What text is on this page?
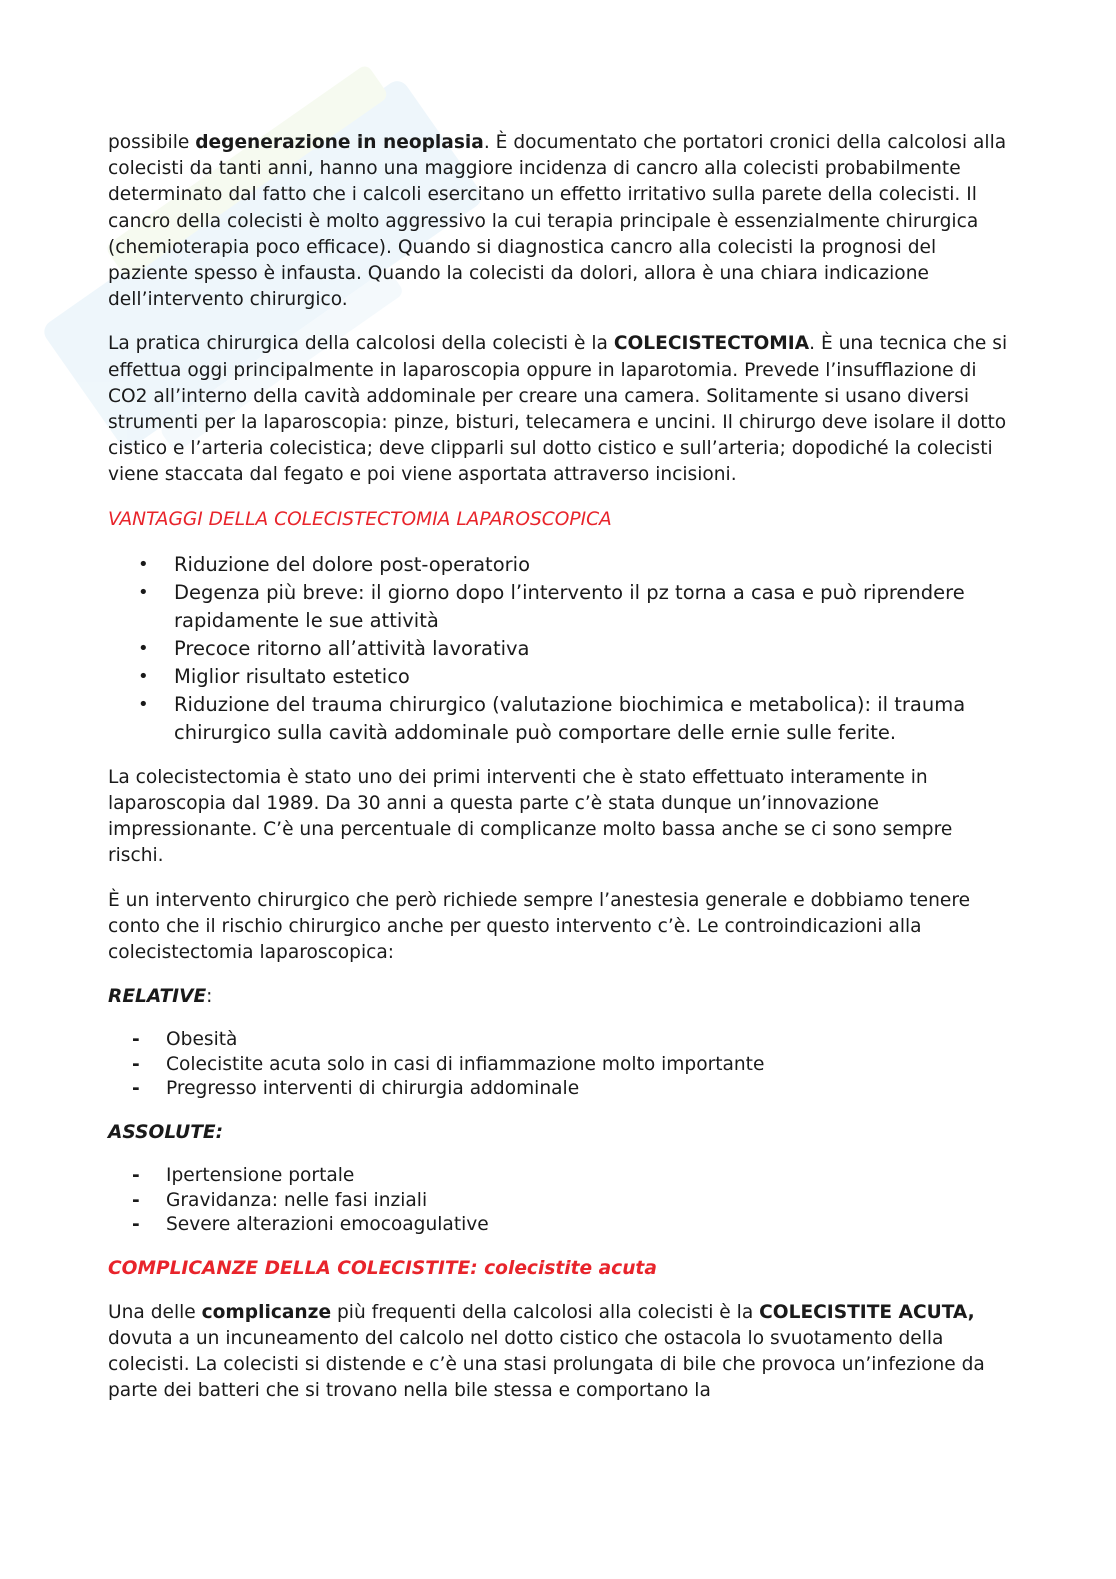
possibile degenerazione in neoplasia. È documentato che portatori cronici della calcolosi alla colecisti da tanti anni, hanno una maggiore incidenza di cancro alla colecisti probabilmente determinato dal fatto che i calcoli esercitano un effetto irritativo sulla parete della colecisti. Il cancro della colecisti è molto aggressivo la cui terapia principale è essenzialmente chirurgica (chemioterapia poco efficace). Quando si diagnostica cancro alla colecisti la prognosi del paziente spesso è infausta. Quando la colecisti da dolori, allora è una chiara indicazione dell’intervento chirurgico.

La pratica chirurgica della calcolosi della colecisti è la COLECISTECTOMIA. È una tecnica che si effettua oggi principalmente in laparoscopia oppure in laparotomia. Prevede l’insufflazione di CO2 all’interno della cavità addominale per creare una camera. Solitamente si usano diversi strumenti per la laparoscopia: pinze, bisturi, telecamera e uncini. Il chirurgo deve isolare il dotto cistico e l’arteria colecistica; deve clipparli sul dotto cistico e sull’arteria; dopodiché la colecisti viene staccata dal fegato e poi viene asportata attraverso incisioni.

VANTAGGI DELLA COLECISTECTOMIA LAPAROSCOPICA
• Riduzione del dolore post-operatorio
• Degenza più breve: il giorno dopo l’intervento il pz torna a casa e può riprendere rapidamente le sue attività
• Precoce ritorno all’attività lavorativa
• Miglior risultato estetico
• Riduzione del trauma chirurgico (valutazione biochimica e metabolica): il trauma chirurgico sulla cavità addominale può comportare delle ernie sulle ferite.

La colecistectomia è stato uno dei primi interventi che è stato effettuato interamente in laparoscopia dal 1989. Da 30 anni a questa parte c’è stata dunque un’innovazione impressionante. C’è una percentuale di complicanze molto bassa anche se ci sono sempre rischi.

È un intervento chirurgico che però richiede sempre l’anestesia generale e dobbiamo tenere conto che il rischio chirurgico anche per questo intervento c’è. Le controindicazioni alla colecistectomia laparoscopica:

RELATIVE:
- Obesità
- Colecistite acuta solo in casi di infiammazione molto importante
- Pregresso interventi di chirurgia addominale
ASSOLUTE:
- Ipertensione portale
- Gravidanza: nelle fasi inziali
- Severe alterazioni emocoagulative
COMPLICANZE DELLA COLECISTITE: colecistite acuta

Una delle complicanze più frequenti della calcolosi alla colecisti è la COLECISTITE ACUTA, dovuta a un incuneamento del calcolo nel dotto cistico che ostacola lo svuotamento della colecisti. La colecisti si distende e c’è una stasi prolungata di bile che provoca un’infezione da parte dei batteri che si trovano nella bile stessa e comportano la
